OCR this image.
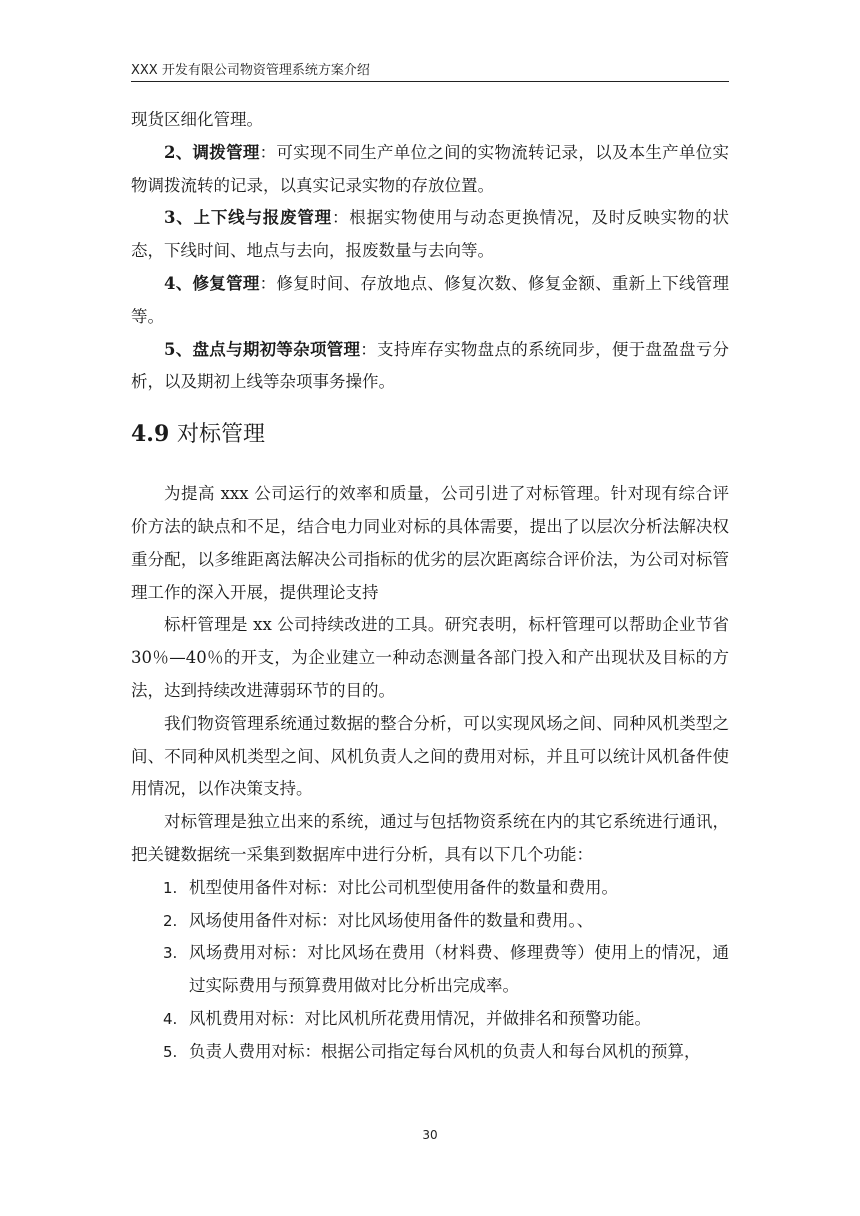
XXX 开发有限公司物资管理系统方案介绍

现货区细化管理。

2、调拨管理：可实现不同生产单位之间的实物流转记录，以及本生产单位实物调拨流转的记录，以真实记录实物的存放位置。

3、上下线与报废管理：根据实物使用与动态更换情况，及时反映实物的状态，下线时间、地点与去向，报废数量与去向等。

4、修复管理：修复时间、存放地点、修复次数、修复金额、重新上下线管理等。

5、盘点与期初等杂项管理：支持库存实物盘点的系统同步，便于盘盈盘亏分析，以及期初上线等杂项事务操作。

4.9 对标管理

为提高 xxx 公司运行的效率和质量，公司引进了对标管理。针对现有综合评价方法的缺点和不足，结合电力同业对标的具体需要，提出了以层次分析法解决权重分配，以多维距离法解决公司指标的优劣的层次距离综合评价法，为公司对标管理工作的深入开展，提供理论支持

标杆管理是 xx 公司持续改进的工具。研究表明，标杆管理可以帮助企业节省 30％—40％的开支，为企业建立一种动态测量各部门投入和产出现状及目标的方法，达到持续改进薄弱环节的目的。

我们物资管理系统通过数据的整合分析，可以实现风场之间、同种风机类型之间、不同种风机类型之间、风机负责人之间的费用对标，并且可以统计风机备件使用情况，以作决策支持。

对标管理是独立出来的系统，通过与包括物资系统在内的其它系统进行通讯，把关键数据统一采集到数据库中进行分析，具有以下几个功能：

1. 机型使用备件对标：对比公司机型使用备件的数量和费用。
2. 风场使用备件对标：对比风场使用备件的数量和费用。、
3. 风场费用对标：对比风场在费用（材料费、修理费等）使用上的情况，通过实际费用与预算费用做对比分析出完成率。
4. 风机费用对标：对比风机所花费用情况，并做排名和预警功能。
5. 负责人费用对标：根据公司指定每台风机的负责人和每台风机的预算，
30
